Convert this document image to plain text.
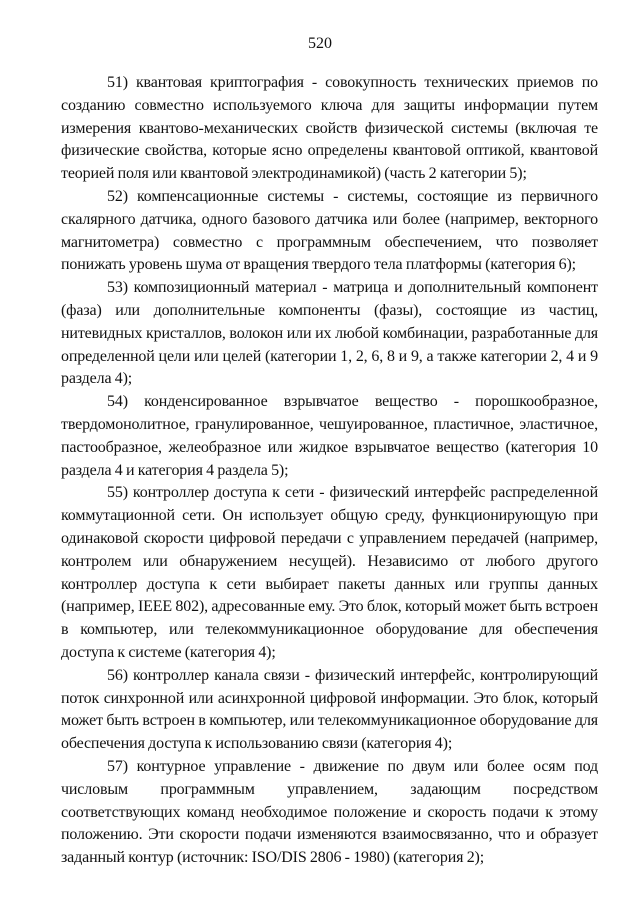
520

51) квантовая криптография - совокупность технических приемов по созданию совместно используемого ключа для защиты информации путем измерения квантово-механических свойств физической системы (включая те физические свойства, которые ясно определены квантовой оптикой, квантовой теорией поля или квантовой электродинамикой) (часть 2 категории 5);

52) компенсационные системы - системы, состоящие из первичного скалярного датчика, одного базового датчика или более (например, векторного магнитометра) совместно с программным обеспечением, что позволяет понижать уровень шума от вращения твердого тела платформы (категория 6);

53) композиционный материал - матрица и дополнительный компонент (фаза) или дополнительные компоненты (фазы), состоящие из частиц, нитевидных кристаллов, волокон или их любой комбинации, разработанные для определенной цели или целей (категории 1, 2, 6, 8 и 9, а также категории 2, 4 и 9 раздела 4);

54) конденсированное взрывчатое вещество - порошкообразное, твердомонолитное, гранулированное, чешуированное, пластичное, эластичное, пастообразное, желеобразное или жидкое взрывчатое вещество (категория 10 раздела 4 и категория 4 раздела 5);

55) контроллер доступа к сети - физический интерфейс распределенной коммутационной сети. Он использует общую среду, функционирующую при одинаковой скорости цифровой передачи с управлением передачей (например, контролем или обнаружением несущей). Независимо от любого другого контроллер доступа к сети выбирает пакеты данных или группы данных (например, IEEE 802), адресованные ему. Это блок, который может быть встроен в компьютер, или телекоммуникационное оборудование для обеспечения доступа к системе (категория 4);

56) контроллер канала связи - физический интерфейс, контролирующий поток синхронной или асинхронной цифровой информации. Это блок, который может быть встроен в компьютер, или телекоммуникационное оборудование для обеспечения доступа к использованию связи (категория 4);

57) контурное управление - движение по двум или более осям под числовым программным управлением, задающим посредством соответствующих команд необходимое положение и скорость подачи к этому положению. Эти скорости подачи изменяются взаимосвязанно, что и образует заданный контур (источник: ISO/DIS 2806 - 1980) (категория 2);
